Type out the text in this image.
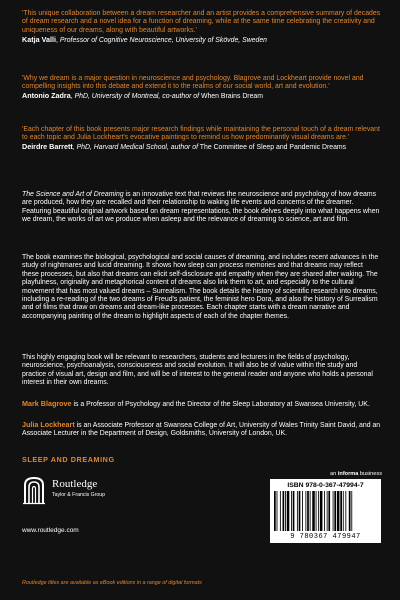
'This unique collaboration between a dream researcher and an artist provides a comprehensive summary of decades of dream research and a novel idea for a function of dreaming, while at the same time celebrating the creativity and uniqueness of our dreams, along with beautiful artworks.'
Katja Valli, Professor of Cognitive Neuroscience, University of Skövde, Sweden
'Why we dream is a major question in neuroscience and psychology. Blagrove and Lockheart provide novel and compelling insights into this debate and extend it to the realms of our social world, art and evolution.'
Antonio Zadra, PhD, University of Montreal, co-author of When Brains Dream
'Each chapter of this book presents major research findings while maintaining the personal touch of a dream relevant to each topic and Julia Lockheart's evocative paintings to remind us how predominantly visual dreams are.'
Deirdre Barrett, PhD, Harvard Medical School, author of The Committee of Sleep and Pandemic Dreams
The Science and Art of Dreaming is an innovative text that reviews the neuroscience and psychology of how dreams are produced, how they are recalled and their relationship to waking life events and concerns of the dreamer. Featuring beautiful original artwork based on dream representations, the book delves deeply into what happens when we dream, the works of art we produce when asleep and the relevance of dreaming to science, art and film.
The book examines the biological, psychological and social causes of dreaming, and includes recent advances in the study of nightmares and lucid dreaming. It shows how sleep can process memories and that dreams may reflect these processes, but also that dreams can elicit self-disclosure and empathy when they are shared after waking. The playfulness, originality and metaphorical content of dreams also link them to art, and especially to the cultural movement that has most valued dreams – Surrealism. The book details the history of scientific research into dreams, including a re-reading of the two dreams of Freud's patient, the feminist hero Dora, and also the history of Surrealism and of films that draw on dreams and dream-like processes. Each chapter starts with a dream narrative and accompanying painting of the dream to highlight aspects of each of the chapter themes.
This highly engaging book will be relevant to researchers, students and lecturers in the fields of psychology, neuroscience, psychoanalysis, consciousness and social evolution. It will also be of value within the study and practice of visual art, design and film, and will be of interest to the general reader and anyone who holds a personal interest in their own dreams.
Mark Blagrove is a Professor of Psychology and the Director of the Sleep Laboratory at Swansea University, UK.
Julia Lockheart is an Associate Professor at Swansea College of Art, University of Wales Trinity Saint David, and an Associate Lecturer in the Department of Design, Goldsmiths, University of London, UK.
SLEEP AND DREAMING
Routledge
Taylor & Francis Group
www.routledge.com
an informa business
ISBN 978-0-367-47994-7
9 780367 479947
Routledge titles are available as eBook editions in a range of digital formats
